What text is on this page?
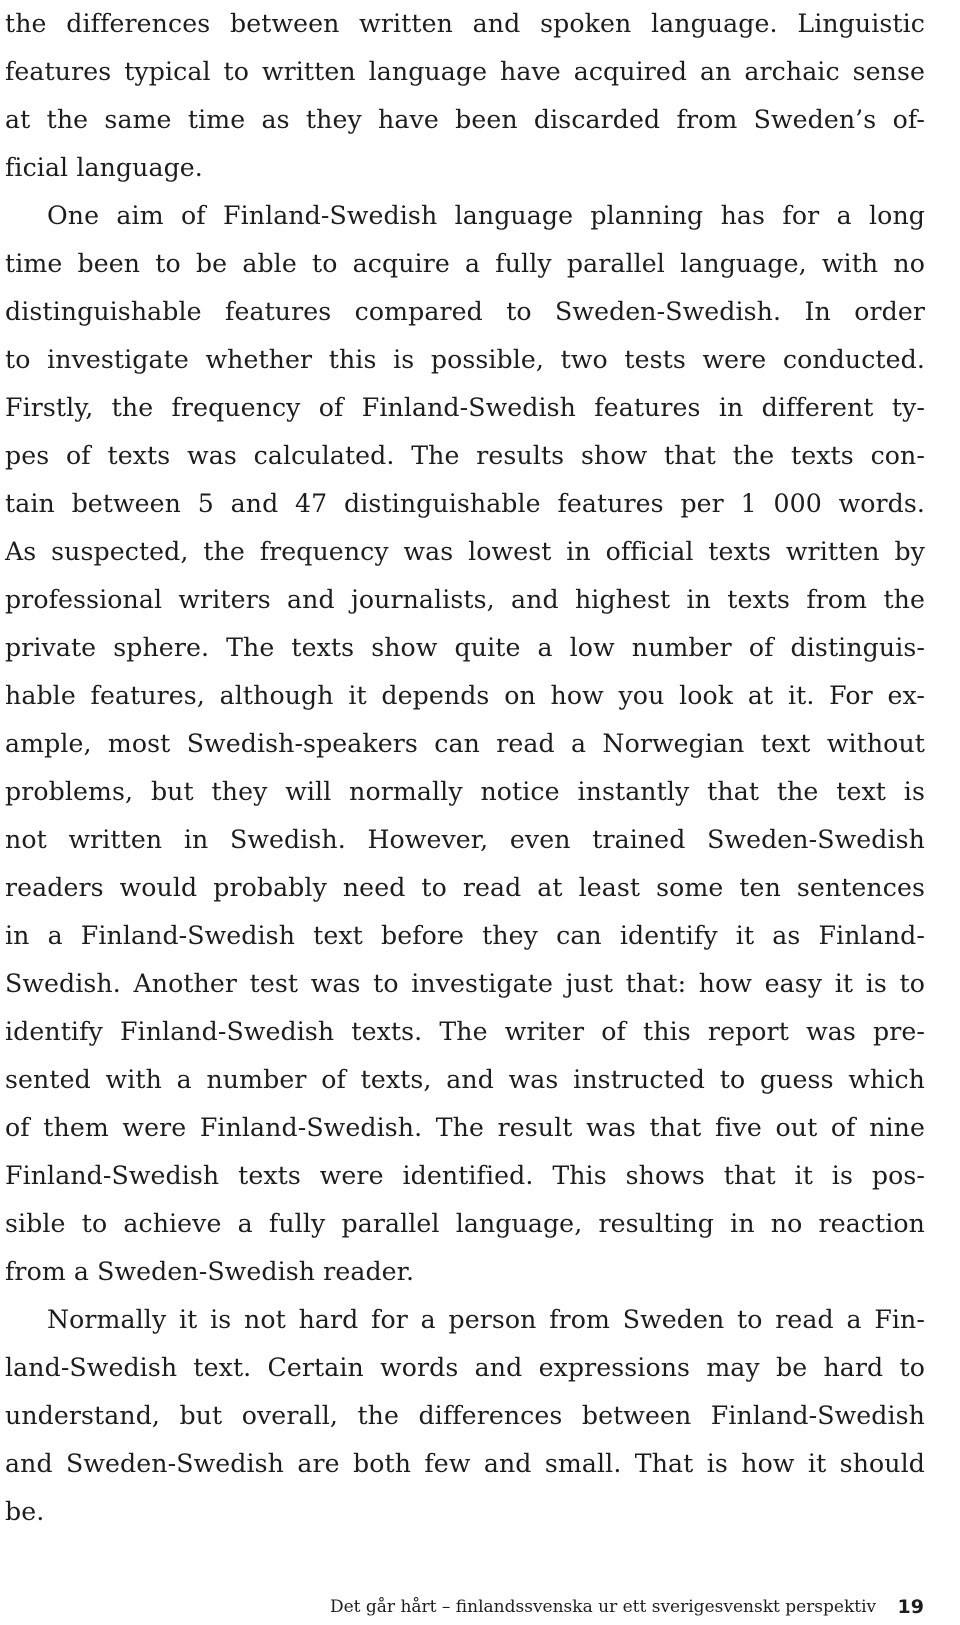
the differences between written and spoken language. Linguistic
features typical to written language have acquired an archaic sense
at the same time as they have been discarded from Sweden’s of-
ficial language.

One aim of Finland-Swedish language planning has for a long
time been to be able to acquire a fully parallel language, with no
distinguishable features compared to Sweden-Swedish. In order
to investigate whether this is possible, two tests were conducted.
Firstly, the frequency of Finland-Swedish features in different ty-
pes of texts was calculated. The results show that the texts con-
tain between 5 and 47 distinguishable features per 1 000 words.
As suspected, the frequency was lowest in official texts written by
professional writers and journalists, and highest in texts from the
private sphere. The texts show quite a low number of distinguis-
hable features, although it depends on how you look at it. For ex-
ample, most Swedish-speakers can read a Norwegian text without
problems, but they will normally notice instantly that the text is
not written in Swedish. However, even trained Sweden-Swedish
readers would probably need to read at least some ten sentences
in a Finland-Swedish text before they can identify it as Finland-
Swedish. Another test was to investigate just that: how easy it is to
identify Finland-Swedish texts. The writer of this report was pre-
sented with a number of texts, and was instructed to guess which
of them were Finland-Swedish. The result was that five out of nine
Finland-Swedish texts were identified. This shows that it is pos-
sible to achieve a fully parallel language, resulting in no reaction
from a Sweden-Swedish reader.

Normally it is not hard for a person from Sweden to read a Fin-
land-Swedish text. Certain words and expressions may be hard to
understand, but overall, the differences between Finland-Swedish
and Sweden-Swedish are both few and small. That is how it should
be.

Det går hårt – finlandssvenska ur ett sverigesvenskt perspektiv 19
